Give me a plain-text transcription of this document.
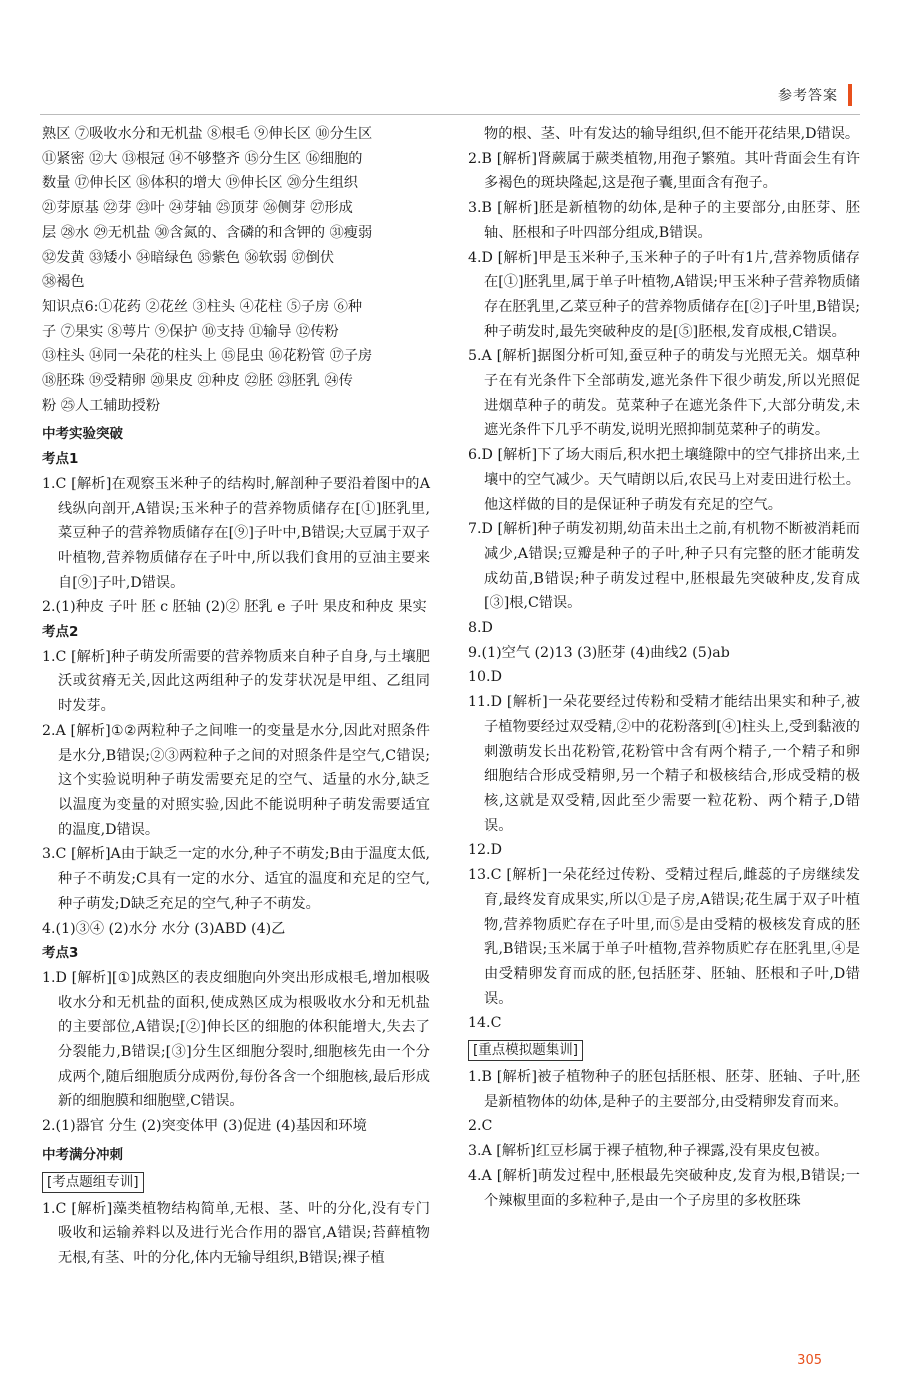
参考答案

熟区 ⑦吸收水分和无机盐 ⑧根毛 ⑨伸长区 ⑩分生区

⑪紧密 ⑫大 ⑬根冠 ⑭不够整齐 ⑮分生区 ⑯细胞的

数量 ⑰伸长区 ⑱体积的增大 ⑲伸长区 ⑳分生组织

㉑芽原基 ㉒芽 ㉓叶 ㉔芽轴 ㉕顶芽 ㉖侧芽 ㉗形成

层 ㉘水 ㉙无机盐 ㉚含氮的、含磷的和含钾的 ㉛瘦弱

㉜发黄 ㉝矮小 ㉞暗绿色 ㉟紫色 ㊱软弱 ㊲倒伏

㊳褐色

知识点6:①花药 ②花丝 ③柱头 ④花柱 ⑤子房 ⑥种

子 ⑦果实 ⑧萼片 ⑨保护 ⑩支持 ⑪输导 ⑫传粉

⑬柱头 ⑭同一朵花的柱头上 ⑮昆虫 ⑯花粉管 ⑰子房

⑱胚珠 ⑲受精卵 ⑳果皮 ㉑种皮 ㉒胚 ㉓胚乳 ㉔传

粉 ㉕人工辅助授粉

中考实验突破
考点1
1.C [解析]在观察玉米种子的结构时,解剖种子要沿着图中的A线纵向剖开,A错误;玉米种子的营养物质储存在[①]胚乳里,菜豆种子的营养物质储存在[⑨]子叶中,B错误;大豆属于双子叶植物,营养物质储存在子叶中,所以我们食用的豆油主要来自[⑨]子叶,D错误。
2.(1)种皮 子叶 胚 c 胚轴 (2)② 胚乳 e 子叶 果皮和种皮 果实
考点2
1.C [解析]种子萌发所需要的营养物质来自种子自身,与土壤肥沃或贫瘠无关,因此这两组种子的发芽状况是甲组、乙组同时发芽。
2.A [解析]①②两粒种子之间唯一的变量是水分,因此对照条件是水分,B错误;②③两粒种子之间的对照条件是空气,C错误;这个实验说明种子萌发需要充足的空气、适量的水分,缺乏以温度为变量的对照实验,因此不能说明种子萌发需要适宜的温度,D错误。
3.C [解析]A由于缺乏一定的水分,种子不萌发;B由于温度太低,种子不萌发;C具有一定的水分、适宜的温度和充足的空气,种子萌发;D缺乏充足的空气,种子不萌发。
4.(1)③④ (2)水分 水分 (3)ABD (4)乙
考点3
1.D [解析][①]成熟区的表皮细胞向外突出形成根毛,增加根吸收水分和无机盐的面积,使成熟区成为根吸收水分和无机盐的主要部位,A错误;[②]伸长区的细胞的体积能增大,失去了分裂能力,B错误;[③]分生区细胞分裂时,细胞核先由一个分成两个,随后细胞质分成两份,每份各含一个细胞核,最后形成新的细胞膜和细胞壁,C错误。
2.(1)器官 分生 (2)突变体甲 (3)促进 (4)基因和环境
中考满分冲刺
[考点题组专训]
1.C [解析]藻类植物结构简单,无根、茎、叶的分化,没有专门吸收和运输养料以及进行光合作用的器官,A错误;苔藓植物无根,有茎、叶的分化,体内无输导组织,B错误;裸子植

物的根、茎、叶有发达的输导组织,但不能开花结果,D错误。

2.B [解析]肾蕨属于蕨类植物,用孢子繁殖。其叶背面会生有许多褐色的斑块隆起,这是孢子囊,里面含有孢子。
3.B [解析]胚是新植物的幼体,是种子的主要部分,由胚芽、胚轴、胚根和子叶四部分组成,B错误。
4.D [解析]甲是玉米种子,玉米种子的子叶有1片,营养物质储存在[①]胚乳里,属于单子叶植物,A错误;甲玉米种子营养物质储存在胚乳里,乙菜豆种子的营养物质储存在[②]子叶里,B错误;种子萌发时,最先突破种皮的是[⑤]胚根,发育成根,C错误。
5.A [解析]据图分析可知,蚕豆种子的萌发与光照无关。烟草种子在有光条件下全部萌发,遮光条件下很少萌发,所以光照促进烟草种子的萌发。苋菜种子在遮光条件下,大部分萌发,未遮光条件下几乎不萌发,说明光照抑制苋菜种子的萌发。
6.D [解析]下了场大雨后,积水把土壤缝隙中的空气排挤出来,土壤中的空气减少。天气晴朗以后,农民马上对麦田进行松土。他这样做的目的是保证种子萌发有充足的空气。
7.D [解析]种子萌发初期,幼苗未出土之前,有机物不断被消耗而减少,A错误;豆瓣是种子的子叶,种子只有完整的胚才能萌发成幼苗,B错误;种子萌发过程中,胚根最先突破种皮,发育成[③]根,C错误。
8.D
9.(1)空气 (2)13 (3)胚芽 (4)曲线2 (5)ab
10.D
11.D [解析]一朵花要经过传粉和受精才能结出果实和种子,被子植物要经过双受精,②中的花粉落到[④]柱头上,受到黏液的刺激萌发长出花粉管,花粉管中含有两个精子,一个精子和卵细胞结合形成受精卵,另一个精子和极核结合,形成受精的极核,这就是双受精,因此至少需要一粒花粉、两个精子,D错误。
12.D
13.C [解析]一朵花经过传粉、受精过程后,雌蕊的子房继续发育,最终发育成果实,所以①是子房,A错误;花生属于双子叶植物,营养物质贮存在子叶里,而⑤是由受精的极核发育成的胚乳,B错误;玉米属于单子叶植物,营养物质贮存在胚乳里,④是由受精卵发育而成的胚,包括胚芽、胚轴、胚根和子叶,D错误。
14.C
[重点模拟题集训]
1.B [解析]被子植物种子的胚包括胚根、胚芽、胚轴、子叶,胚是新植物体的幼体,是种子的主要部分,由受精卵发育而来。
2.C
3.A [解析]红豆杉属于裸子植物,种子裸露,没有果皮包被。
4.A [解析]萌发过程中,胚根最先突破种皮,发育为根,B错误;一个辣椒里面的多粒种子,是由一个子房里的多枚胚珠
305
